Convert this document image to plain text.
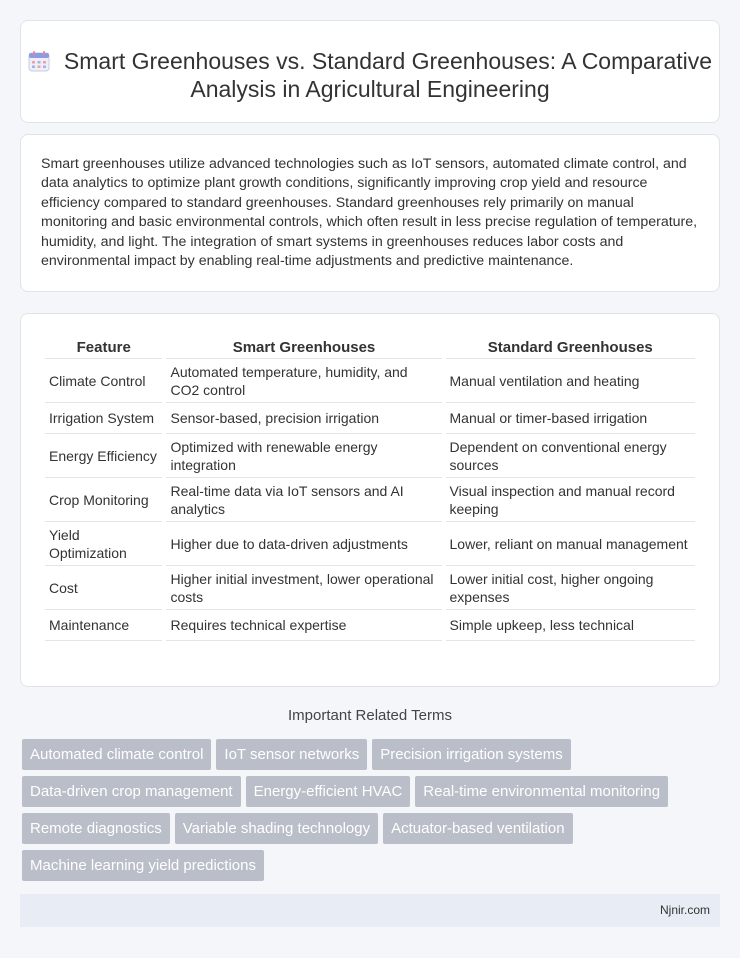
Smart Greenhouses vs. Standard Greenhouses: A Comparative Analysis in Agricultural Engineering
Smart greenhouses utilize advanced technologies such as IoT sensors, automated climate control, and data analytics to optimize plant growth conditions, significantly improving crop yield and resource efficiency compared to standard greenhouses. Standard greenhouses rely primarily on manual monitoring and basic environmental controls, which often result in less precise regulation of temperature, humidity, and light. The integration of smart systems in greenhouses reduces labor costs and environmental impact by enabling real-time adjustments and predictive maintenance.
Feature	Smart Greenhouses	Standard Greenhouses
Climate Control	Automated temperature, humidity, and CO2 control	Manual ventilation and heating
Irrigation System	Sensor-based, precision irrigation	Manual or timer-based irrigation
Energy Efficiency	Optimized with renewable energy integration	Dependent on conventional energy sources
Crop Monitoring	Real-time data via IoT sensors and AI analytics	Visual inspection and manual record keeping
Yield Optimization	Higher due to data-driven adjustments	Lower, reliant on manual management
Cost	Higher initial investment, lower operational costs	Lower initial cost, higher ongoing expenses
Maintenance	Requires technical expertise	Simple upkeep, less technical
Important Related Terms
Automated climate control IoT sensor networks Precision irrigation systems
Data-driven crop management Energy-efficient HVAC Real-time environmental monitoring
Remote diagnostics Variable shading technology Actuator-based ventilation
Machine learning yield predictions
Njnir.com
